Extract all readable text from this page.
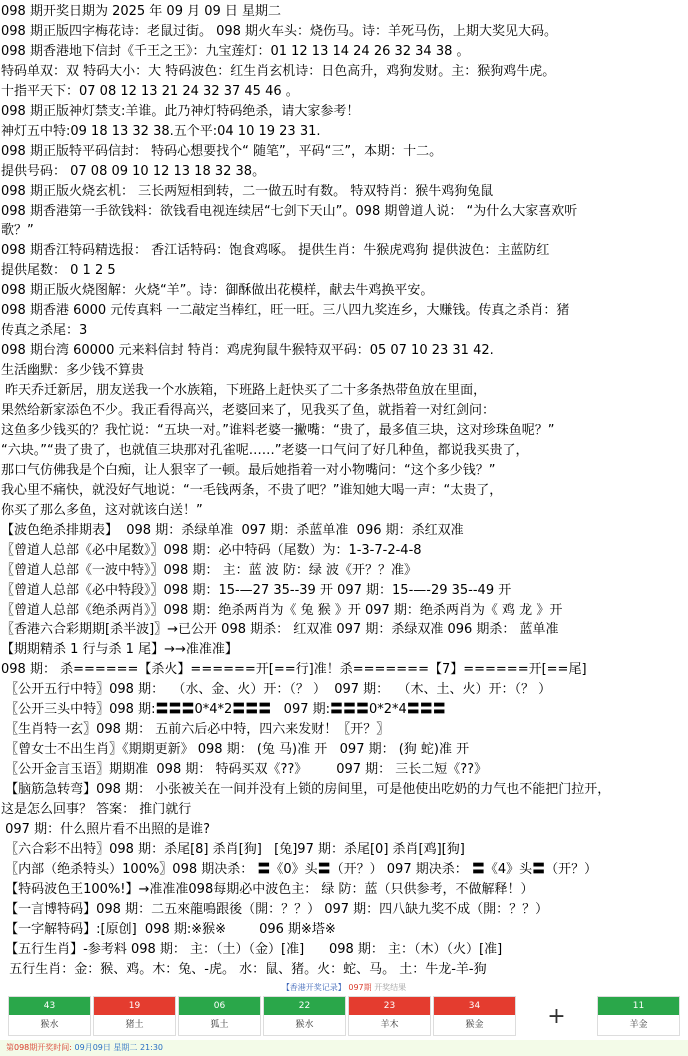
098 期开奖日期为 2025 年 09 月 09 日 星期二
098 期正版四字梅花诗：老鼠过街。 098 期火车头：烧伤马。诗：羊死马伤，上期大奖见大码。
098 期香港地下信封《千王之王》：九宝莲灯：01 12 13 14 24 26 32 34 38 。
特码单双：双 特码大小：大 特码波色：红生肖玄机诗：日色高升，鸡狗发财。主：猴狗鸡牛虎。
十指平天下：07 08 12 13 21 24 32 37 45 46 。
098 期正版神灯禁支:羊谁。此乃神灯特码绝杀，请大家参考！
神灯五中特:09 18 13 32 38.五个平:04 10 19 23 31.
098 期正版特平码信封： 特码心想要找个“ 随笔”，平码“三”，本期：十二。
提供号码： 07 08 09 10 12 13 18 32 38。
098 期正版火烧玄机： 三长两短相到转，二一做五时有数。 特双特肖：猴牛鸡狗兔鼠
098 期香港第一手欲钱料：欲钱看电视连续居“七剑下天山”。098 期曾道人说： “为什么大家喜欢听
歌？”
098 期香江特码精选报： 香江话特码：饱食鸡啄。 提供生肖：牛猴虎鸡狗 提供波色：主蓝防红
提供尾数： 0 1 2 5
098 期正版火烧图解：火烧“羊”。诗：御酥做出花模样，献去牛鸡换平安。
098 期香港 6000 元传真料 一二敲定当棒红，旺一旺。三八四九奖连乡，大赚钱。传真之杀肖：猪
传真之杀尾：3
098 期台湾 60000 元来料信封 特肖：鸡虎狗鼠牛猴特双平码：05 07 10 23 31 42.
生活幽默：多少钱不算贵
昨天乔迁新居，朋友送我一个水族箱，下班路上赶快买了二十多条热带鱼放在里面，
果然给新家添色不少。我正看得高兴，老婆回来了，见我买了鱼，就指着一对红剑问：
这鱼多少钱买的？我忙说：“五块一对。”谁料老婆一撇嘴：“贵了，最多值三块，这对珍珠鱼呢？”
“六块。”“贵了贵了，也就值三块那对孔雀呢……”老婆一口气问了好几种鱼，都说我买贵了，
那口气仿佛我是个白痴，让人狠宰了一顿。最后她指着一对小物嘴问：“这个多少钱？”
我心里不痛快，就没好气地说：“一毛钱两条，不贵了吧？”谁知她大喝一声：“太贵了，
你买了那么多鱼，这对就该白送！”
【波色绝杀排期表】  098 期：杀绿单准  097 期：杀蓝单准  096 期：杀红双准
〖曾道人总部《必中尾数》〗098 期：必中特码（尾数）为：1-3-7-2-4-8
〖曾道人总部《一波中特》〗098 期： 主：蓝 波 防：绿 波《开？？准》
〖曾道人总部《必中特段》〗098 期：15-—27 35--39 开 097 期：15-—-29 35--49 开
〖曾道人总部《绝杀两肖》〗098 期：绝杀两肖为《 兔 猴 》开 097 期：绝杀两肖为《 鸡 龙 》开
〖香港六合彩期期[杀半波]〗→已公开 098 期杀： 红双准 097 期：杀绿双准 096 期杀： 蓝单准
【期期精杀 1 行与杀 1 尾】→→准准准】
098 期： 杀======【杀火】======开[==行]准！杀=======【7】======开[==尾]
〖公开五行中特〗098 期：  （水、金、火）开：（？ ）  097 期：  （木、土、火）开：（？ ）
〖公开三头中特〗098 期:〓〓〓0*4*2〓〓〓   097 期:〓〓〓0*2*4〓〓〓
〖生肖特一玄〗098 期： 五前六后必中特，四六来发财！〖开？〗
〖曾女士不出生肖〗《期期更新》 098 期： (兔 马)准 开   097 期： (狗 蛇)准 开
〖公开金言玉语〗期期准  098 期： 特码买双《??》       097 期： 三长二短《??》
【脑筋急转弯】098 期： 小张被关在一间并没有上锁的房间里，可是他使出吃奶的力气也不能把门拉开，
这是怎么回事？ 答案： 推门就行
097 期：什么照片看不出照的是谁?
〖六合彩不出特〗098 期：杀尾[8] 杀肖[狗]   [兔]97 期：杀尾[0] 杀肖[鸡][狗]
〖内部（绝杀特头）100%〗098 期决杀： 〓《0》头〓（开？） 097 期决杀： 〓《4》头〓（开？）
【特码波色王100%!】→准准准098每期必中波色主： 绿 防：蓝（只供参考，不做解释！）
【一言博特码】098 期：二五來龍鳴跟後（開：？？） 097 期：四八缺九奖不成（開：？？）
【一字解特码】:[原创]  098 期:※猴※        096 期※塔※
【五行生肖】-参考料 098 期： 主：（土）（金）[准]      098 期： 主：（木）（火）[准]
五行生肖：金：猴、鸡。木：兔、-虎。 水：鼠、猪。火：蛇、马。 土：牛龙-羊-狗
【香港开奖记录】 097期 开奖结果
43
猴水
19
猪土
06
狐土
22
猴水
23
羊木
34
猴金	+	11
羊金
第098期开奖时间: 09月09日 星期二 21:30
